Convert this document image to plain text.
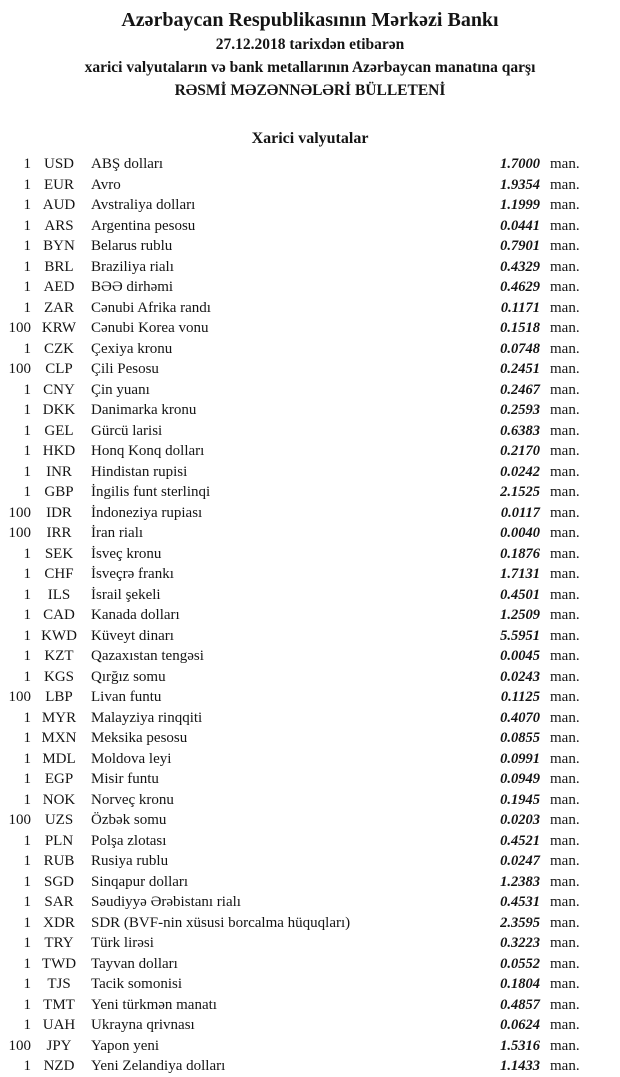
Azərbaycan Respublikasının Mərkəzi Bankı
27.12.2018 tarixdən etibarən
xarici valyutaların və bank metallarının Azərbaycan manatına qarşı
RƏSMİ MƏZƏNNƏLƏRİ BÜLLETENİ
Xarici valyutalar
1 USD	ABŞ dolları	1.7000 man.
1 EUR	Avro	1.9354 man.
1 AUD	Avstraliya dolları	1.1999 man.
1 ARS	Argentina pesosu	0.0441 man.
1 BYN	Belarus rublu	0.7901 man.
1 BRL	Braziliya rialı	0.4329 man.
1 AED	BƏƏ dirhəmi	0.4629 man.
1 ZAR	Cənubi Afrika randı	0.1171 man.
100 KRW Cənubi Korea vonu	0.1518 man.
1 CZK	Çexiya kronu	0.0748 man.
100 CLP	Çili Pesosu	0.2451 man.
1 CNY	Çin yuanı	0.2467 man.
1 DKK	Danimarka kronu	0.2593 man.
1 GEL	Gürcü larisi	0.6383 man.
1 HKD	Honq Konq dolları	0.2170 man.
1	INR	Hindistan rupisi	0.0242 man.
1 GBP	İngilis funt sterlinqi	2.1525 man.
100	IDR	İndoneziya rupiası	0.0117 man.
100	IRR	İran rialı	0.0040 man.
1 SEK	İsveç kronu	0.1876 man.
1 CHF	İsveçrə frankı	1.7131 man.
1	ILS	İsrail şekeli	0.4501 man.
1 CAD	Kanada dolları	1.2509 man.
1 KWD Küveyt dinarı	5.5951 man.
1 KZT	Qazaxıstan tengəsi	0.0045 man.
1 KGS	Qırğız somu	0.0243 man.
100 LBP	Livan funtu	0.1125 man.
1 MYR Malayziya rinqqiti	0.4070 man.
1 MXN Meksika pesosu	0.0855 man.
1 MDL	Moldova leyi	0.0991 man.
1 EGP	Misir funtu	0.0949 man.
1 NOK	Norveç kronu	0.1945 man.
100 UZS	Özbək somu	0.0203 man.
1 PLN	Polşa zlotası	0.4521 man.
1 RUB	Rusiya rublu	0.0247 man.
1 SGD	Sinqapur dolları	1.2383 man.
1 SAR	Səudiyyə Ərəbistanı rialı	0.4531 man.
1 XDR	SDR (BVF-nin xüsusi borcalma hüquqları)	2.3595 man.
1 TRY	Türk lirəsi	0.3223 man.
1 TWD Tayvan dolları	0.0552 man.
1	TJS	Tacik somonisi	0.1804 man.
1 TMT	Yeni türkmən manatı	0.4857 man.
1 UAH	Ukrayna qrivnası	0.0624 man.
100	JPY	Yapon yeni	1.5316 man.
1 NZD	Yeni Zelandiya dolları	1.1433 man.
